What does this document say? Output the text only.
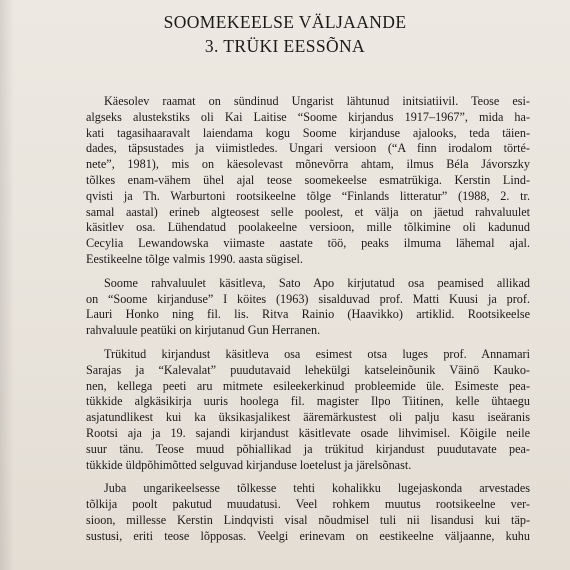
SOOMEKEELSE VÄLJAANDE
3. TRÜKI EESSÕNA

Käesolev raamat on sündinud Ungarist lähtunud initsiatiivil. Teose esi-
algseks alustekstiks oli Kai Laitise “Soome kirjandus 1917–1967”, mida ha-
kati tagasihaaravalt laiendama kogu Soome kirjanduse ajalooks, teda täien-
dades, täpsustades ja viimistledes. Ungari versioon (“A finn irodalom törté-
nete”, 1981), mis on käesolevast mõnevõrra ahtam, ilmus Béla Jávorszky
tõlkes enam-vähem ühel ajal teose soomekeelse esmatrükiga. Kerstin Lind-
qvisti ja Th. Warburtoni rootsikeelne tõlge “Finlands litteratur” (1988, 2. tr.
samal aastal) erineb algteosest selle poolest, et välja on jäetud rahvaluulet
käsitlev osa. Lühendatud poolakeelne versioon, mille tõlkimine oli kadunud
Cecylia Lewandowska viimaste aastate töö, peaks ilmuma lähemal ajal.
Eestikeelne tõlge valmis 1990. aasta sügisel.

Soome rahvaluulet käsitleva, Sato Apo kirjutatud osa peamised allikad
on “Soome kirjanduse” I köites (1963) sisalduvad prof. Matti Kuusi ja prof.
Lauri Honko ning fil. lis. Ritva Rainio (Haavikko) artiklid. Rootsikeelse
rahvaluule peatüki on kirjutanud Gun Herranen.

Trükitud kirjandust käsitleva osa esimest otsa luges prof. Annamari
Sarajas ja “Kalevalat” puudutavaid lehekülgi katseleinõunik Väinö Kauko-
nen, kellega peeti aru mitmete esileekerkinud probleemide üle. Esimeste pea-
tükkide algkäsikirja uuris hoolega fil. magister Ilpo Tiitinen, kelle ühtaegu
asjatundlikest kui ka üksikasjalikest ääremärkustest oli palju kasu iseäranis
Rootsi aja ja 19. sajandi kirjandust käsitlevate osade lihvimisel. Kõigile neile
suur tänu. Teose muud põhiallikad ja trükitud kirjandust puudutavate pea-
tükkide üldpõhimõtted selguvad kirjanduse loetelust ja järelsõnast.

Juba ungarikeelsesse tõlkesse tehti kohalikku lugejaskonda arvestades
tõlkija poolt pakutud muudatusi. Veel rohkem muutus rootsikeelne ver-
sioon, millesse Kerstin Lindqvisti visal nõudmisel tuli nii lisandusi kui täp-
sustusi, eriti teose lõpposas. Veelgi erinevam on eestikeelne väljaanne, kuhu
